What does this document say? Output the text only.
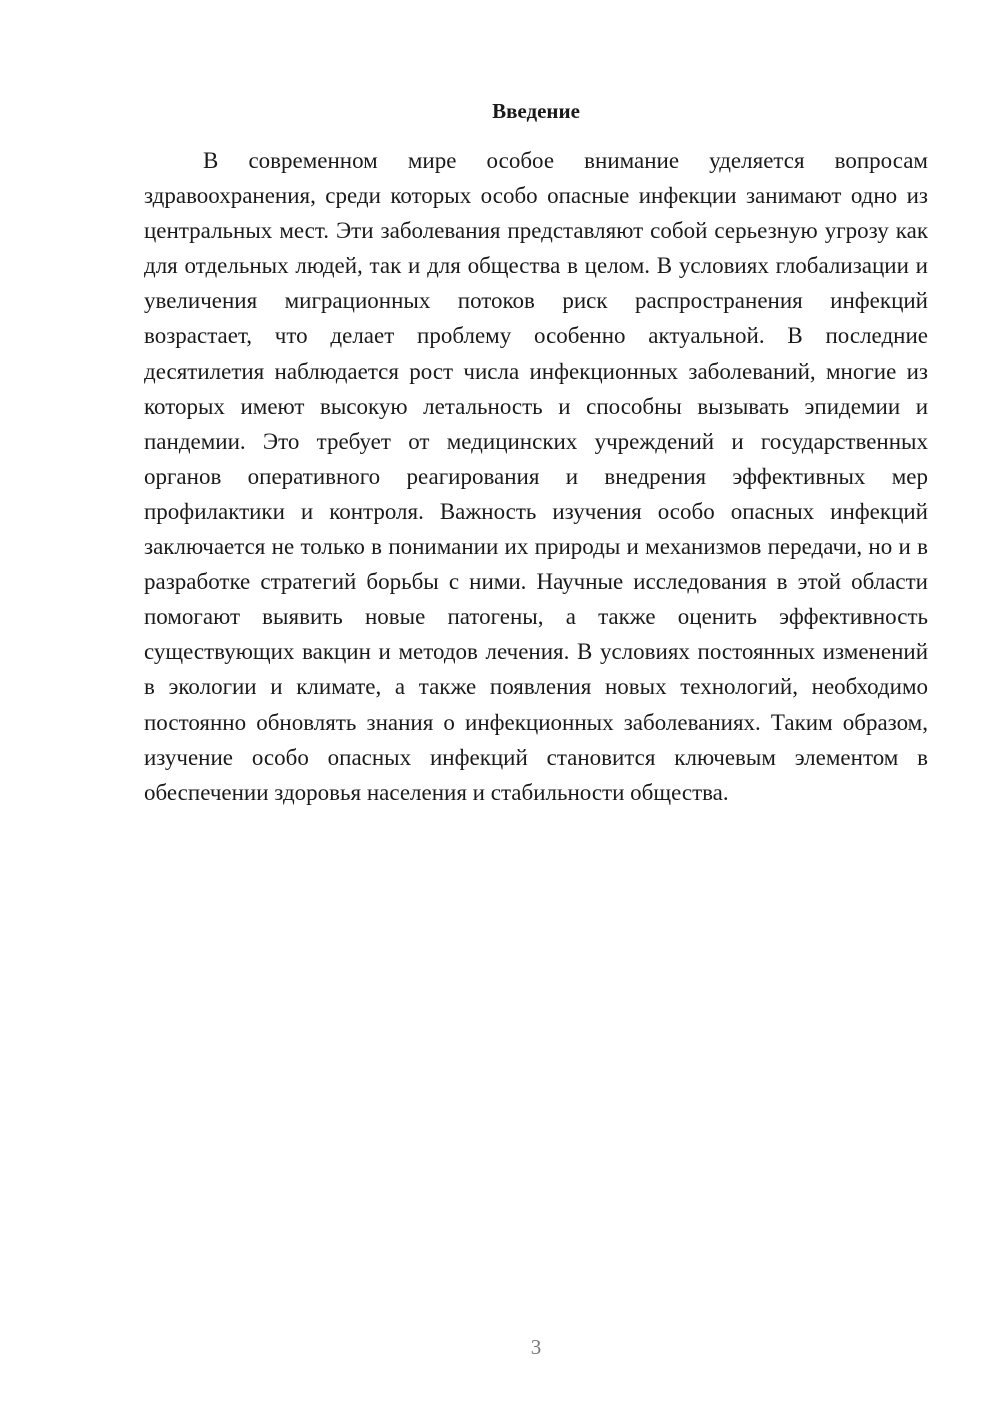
Введение

В современном мире особое внимание уделяется вопросам здравоохранения, среди которых особо опасные инфекции занимают одно из центральных мест. Эти заболевания представляют собой серьезную угрозу как для отдельных людей, так и для общества в целом. В условиях глобализации и увеличения миграционных потоков риск распространения инфекций возрастает, что делает проблему особенно актуальной. В последние десятилетия наблюдается рост числа инфекционных заболеваний, многие из которых имеют высокую летальность и способны вызывать эпидемии и пандемии. Это требует от медицинских учреждений и государственных органов оперативного реагирования и внедрения эффективных мер профилактики и контроля. Важность изучения особо опасных инфекций заключается не только в понимании их природы и механизмов передачи, но и в разработке стратегий борьбы с ними. Научные исследования в этой области помогают выявить новые патогены, а также оценить эффективность существующих вакцин и методов лечения. В условиях постоянных изменений в экологии и климате, а также появления новых технологий, необходимо постоянно обновлять знания о инфекционных заболеваниях. Таким образом, изучение особо опасных инфекций становится ключевым элементом в обеспечении здоровья населения и стабильности общества.

3
